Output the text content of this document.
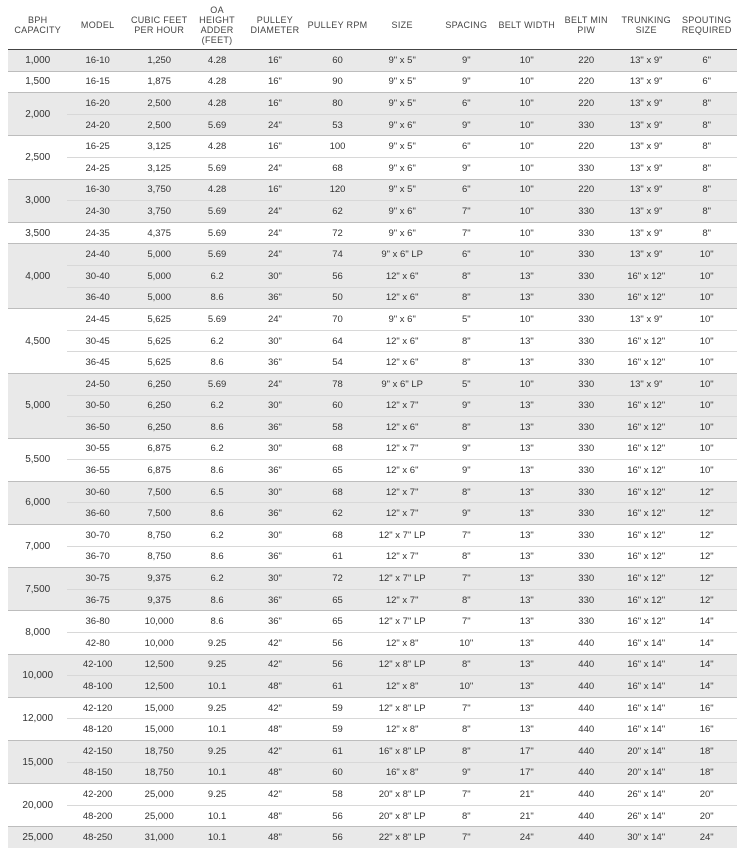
BPH CAPACITY	MODEL	CUBIC FEET PER HOUR	OA HEIGHT ADDER (FEET)	PULLEY DIAMETER	PULLEY RPM	SIZE	SPACING	BELT WIDTH	BELT MIN PIW	TRUNKING SIZE	SPOUTING REQUIRED
1,000	16-10	1,250	4.28	16"	60	9" x 5"	9"	10"	220	13" x 9"	6"
1,500	16-15	1,875	4.28	16"	90	9" x 5"	9"	10"	220	13" x 9"	6"
2,000	16-20	2,500	4.28	16"	80	9" x 5"	6"	10"	220	13" x 9"	8"
	24-20	2,500	5.69	24"	53	9" x 6"	9"	10"	330	13" x 9"	8"
2,500	16-25	3,125	4.28	16"	100	9" x 5"	6"	10"	220	13" x 9"	8"
	24-25	3,125	5.69	24"	68	9" x 6"	9"	10"	330	13" x 9"	8"
3,000	16-30	3,750	4.28	16"	120	9" x 5"	6"	10"	220	13" x 9"	8"
	24-30	3,750	5.69	24"	62	9" x 6"	7"	10"	330	13" x 9"	8"
3,500	24-35	4,375	5.69	24"	72	9" x 6"	7"	10"	330	13" x 9"	8"
4,000	24-40	5,000	5.69	24"	74	9" x 6" LP	6"	10"	330	13" x 9"	10"
	30-40	5,000	6.2	30"	56	12" x 6"	8"	13"	330	16" x 12"	10"
	36-40	5,000	8.6	36"	50	12" x 6"	8"	13"	330	16" x 12"	10"
4,500	24-45	5,625	5.69	24"	70	9" x 6"	5"	10"	330	13" x 9"	10"
	30-45	5,625	6.2	30"	64	12" x 6"	8"	13"	330	16" x 12"	10"
	36-45	5,625	8.6	36"	54	12" x 6"	8"	13"	330	16" x 12"	10"
5,000	24-50	6,250	5.69	24"	78	9" x 6" LP	5"	10"	330	13" x 9"	10"
	30-50	6,250	6.2	30"	60	12" x 7"	9"	13"	330	16" x 12"	10"
	36-50	6,250	8.6	36"	58	12" x 6"	8"	13"	330	16" x 12"	10"
5,500	30-55	6,875	6.2	30"	68	12" x 7"	9"	13"	330	16" x 12"	10"
	36-55	6,875	8.6	36"	65	12" x 6"	9"	13"	330	16" x 12"	10"
6,000	30-60	7,500	6.5	30"	68	12" x 7"	8"	13"	330	16" x 12"	12"
	36-60	7,500	8.6	36"	62	12" x 7"	9"	13"	330	16" x 12"	12"
7,000	30-70	8,750	6.2	30"	68	12" x 7" LP	7"	13"	330	16" x 12"	12"
	36-70	8,750	8.6	36"	61	12" x 7"	8"	13"	330	16" x 12"	12"
7,500	30-75	9,375	6.2	30"	72	12" x 7" LP	7"	13"	330	16" x 12"	12"
	36-75	9,375	8.6	36"	65	12" x 7"	8"	13"	330	16" x 12"	12"
8,000	36-80	10,000	8.6	36"	65	12" x 7" LP	7"	13"	330	16" x 12"	14"
	42-80	10,000	9.25	42"	56	12" x 8"	10"	13"	440	16" x 14"	14"
10,000	42-100	12,500	9.25	42"	56	12" x 8" LP	8"	13"	440	16" x 14"	14"
	48-100	12,500	10.1	48"	61	12" x 8"	10"	13"	440	16" x 14"	14"
12,000	42-120	15,000	9.25	42"	59	12" x 8" LP	7"	13"	440	16" x 14"	16"
	48-120	15,000	10.1	48"	59	12" x 8"	8"	13"	440	16" x 14"	16"
15,000	42-150	18,750	9.25	42"	61	16" x 8" LP	8"	17"	440	20" x 14"	18"
	48-150	18,750	10.1	48"	60	16" x 8"	9"	17"	440	20" x 14"	18"
20,000	42-200	25,000	9.25	42"	58	20" x 8" LP	7"	21"	440	26" x 14"	20"
	48-200	25,000	10.1	48"	56	20" x 8" LP	8"	21"	440	26" x 14"	20"
25,000	48-250	31,000	10.1	48"	56	22" x 8" LP	7"	24"	440	30" x 14"	24"
